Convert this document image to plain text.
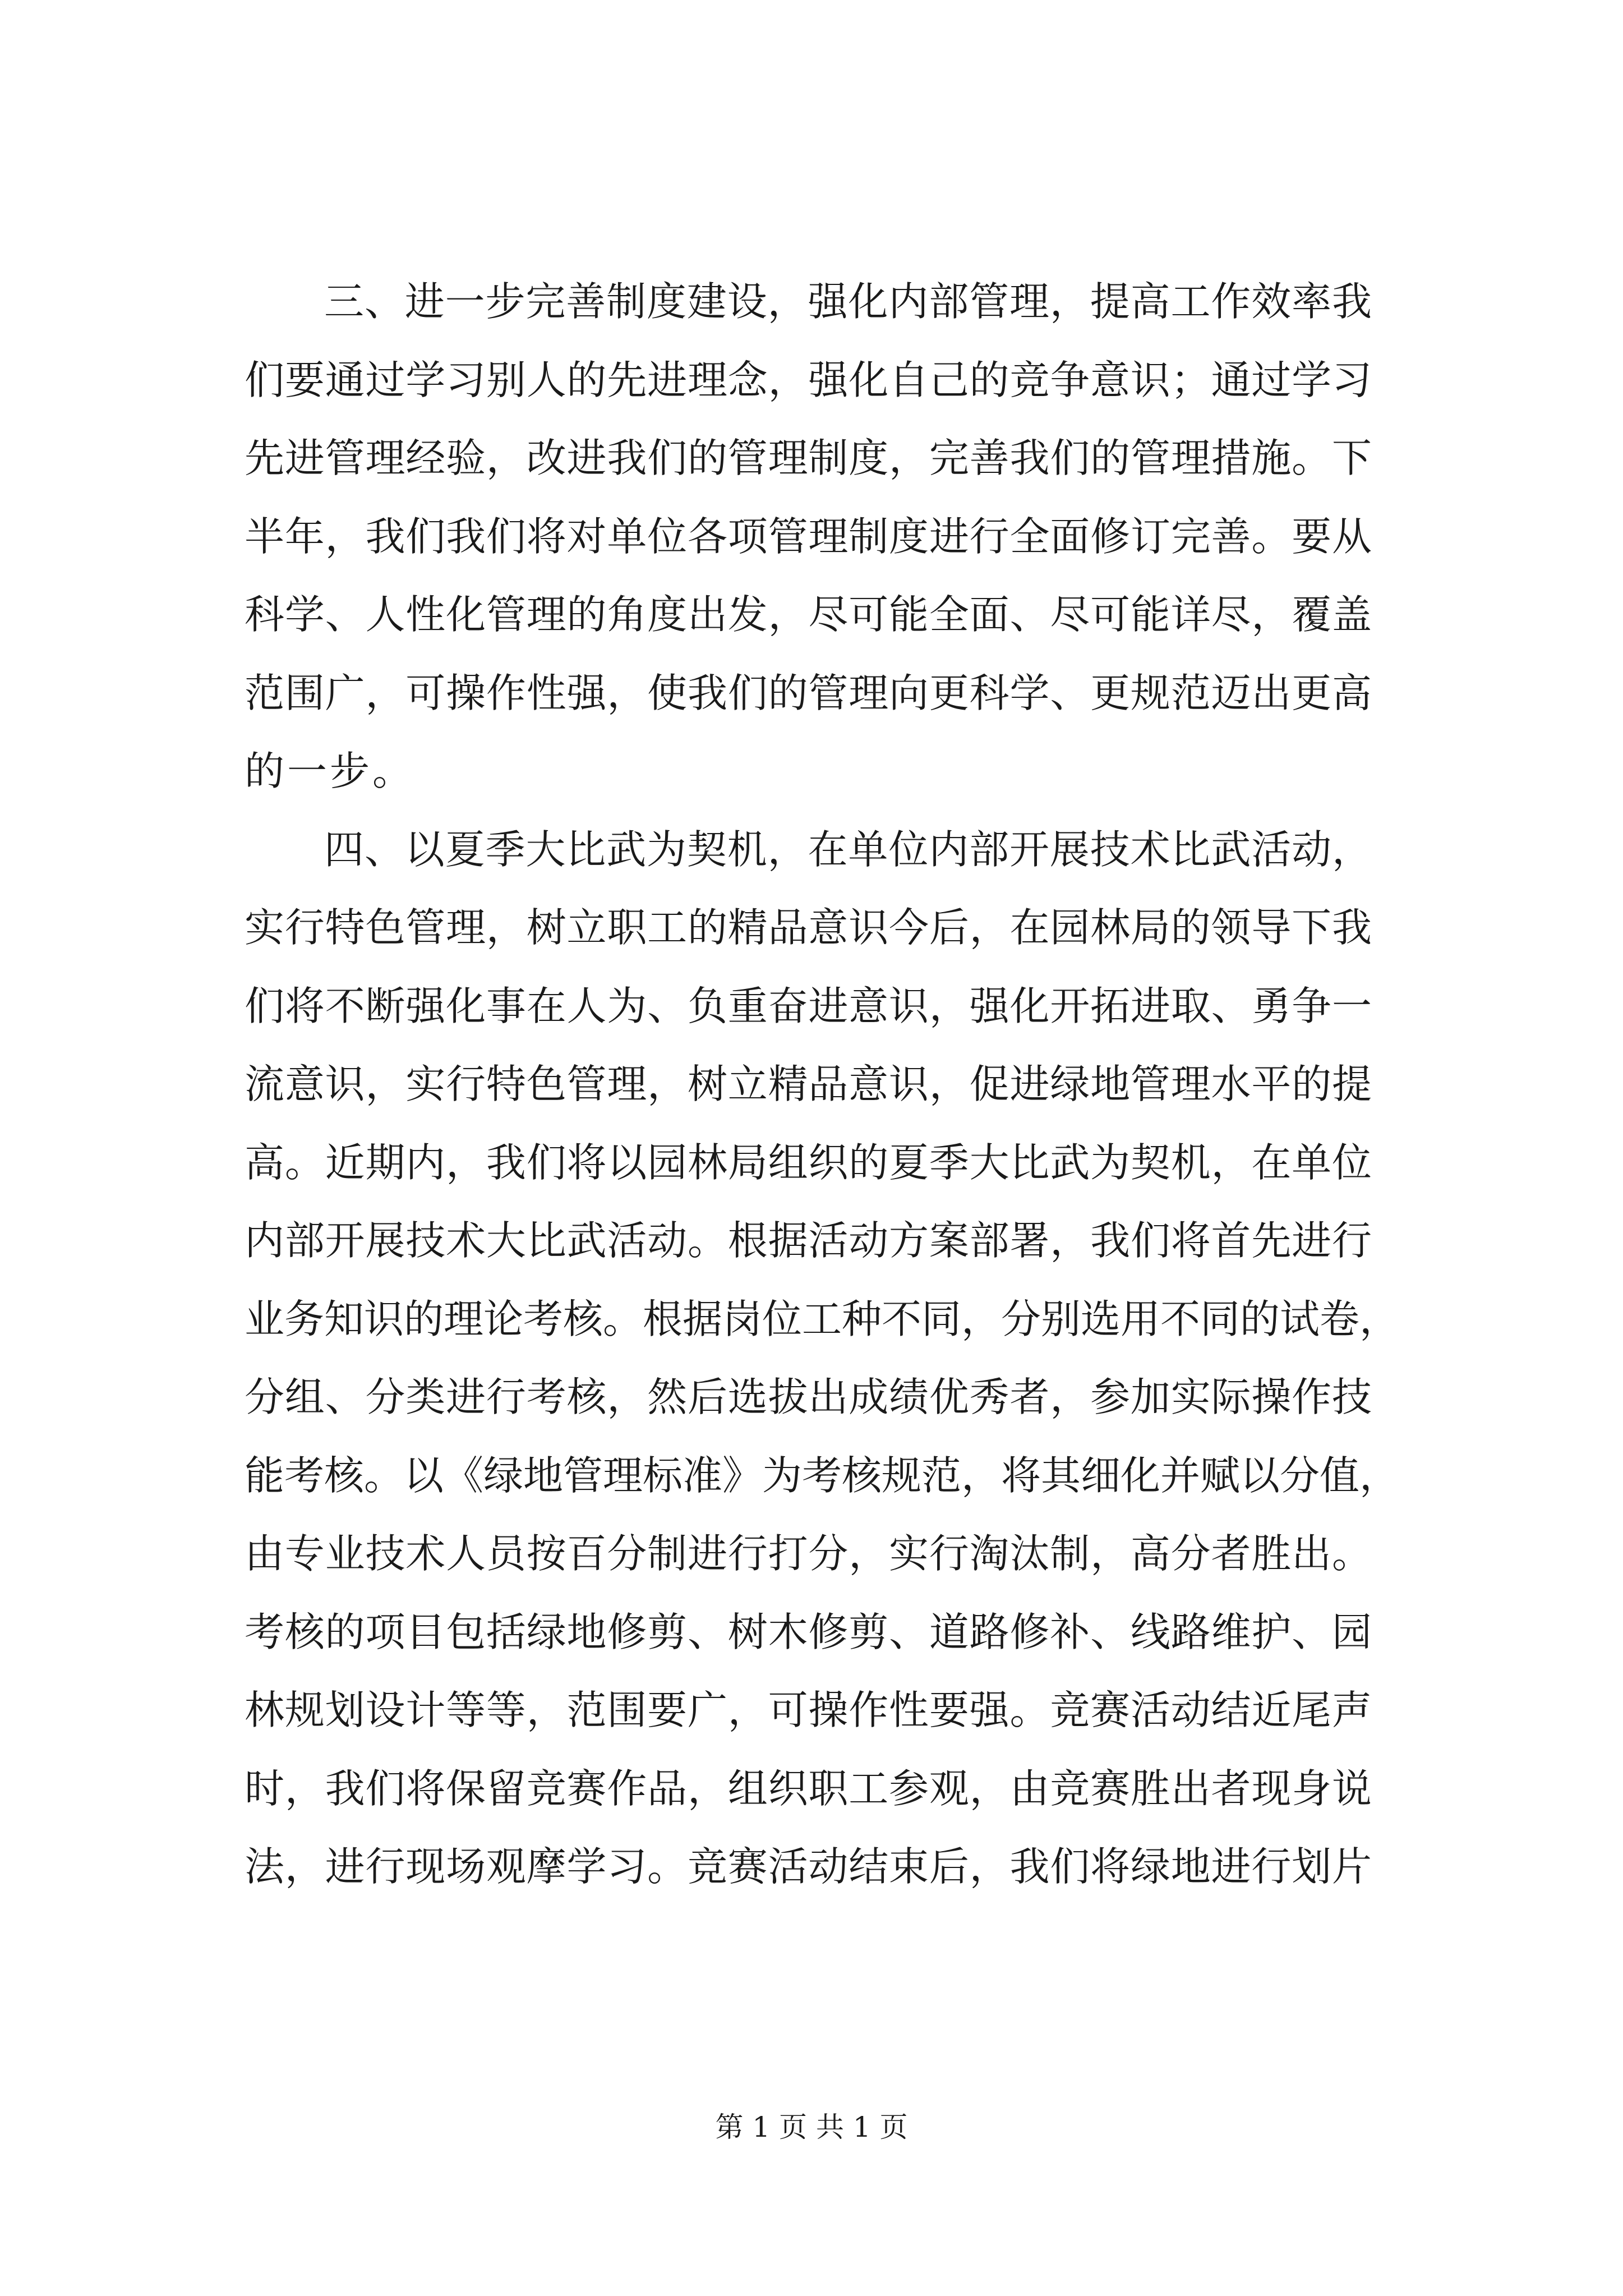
三、进一步完善制度建设，强化内部管理，提高工作效率我
们要通过学习别人的先进理念，强化自己的竞争意识；通过学习
先进管理经验，改进我们的管理制度，完善我们的管理措施。下
半年，我们我们将对单位各项管理制度进行全面修订完善。要从
科学、人性化管理的角度出发，尽可能全面、尽可能详尽，覆盖
范围广，可操作性强，使我们的管理向更科学、更规范迈出更高
的一步。
四、以夏季大比武为契机，在单位内部开展技术比武活动，
实行特色管理，树立职工的精品意识今后，在园林局的领导下我
们将不断强化事在人为、负重奋进意识，强化开拓进取、勇争一
流意识，实行特色管理，树立精品意识，促进绿地管理水平的提
高。近期内，我们将以园林局组织的夏季大比武为契机，在单位
内部开展技术大比武活动。根据活动方案部署，我们将首先进行
业务知识的理论考核。根据岗位工种不同，分别选用不同的试卷，
分组、分类进行考核，然后选拔出成绩优秀者，参加实际操作技
能考核。以《绿地管理标准》为考核规范，将其细化并赋以分值，
由专业技术人员按百分制进行打分，实行淘汰制，高分者胜出。
考核的项目包括绿地修剪、树木修剪、道路修补、线路维护、园
林规划设计等等，范围要广，可操作性要强。竞赛活动结近尾声
时，我们将保留竞赛作品，组织职工参观，由竞赛胜出者现身说
法，进行现场观摩学习。竞赛活动结束后，我们将绿地进行划片
第 1 页 共 1 页
